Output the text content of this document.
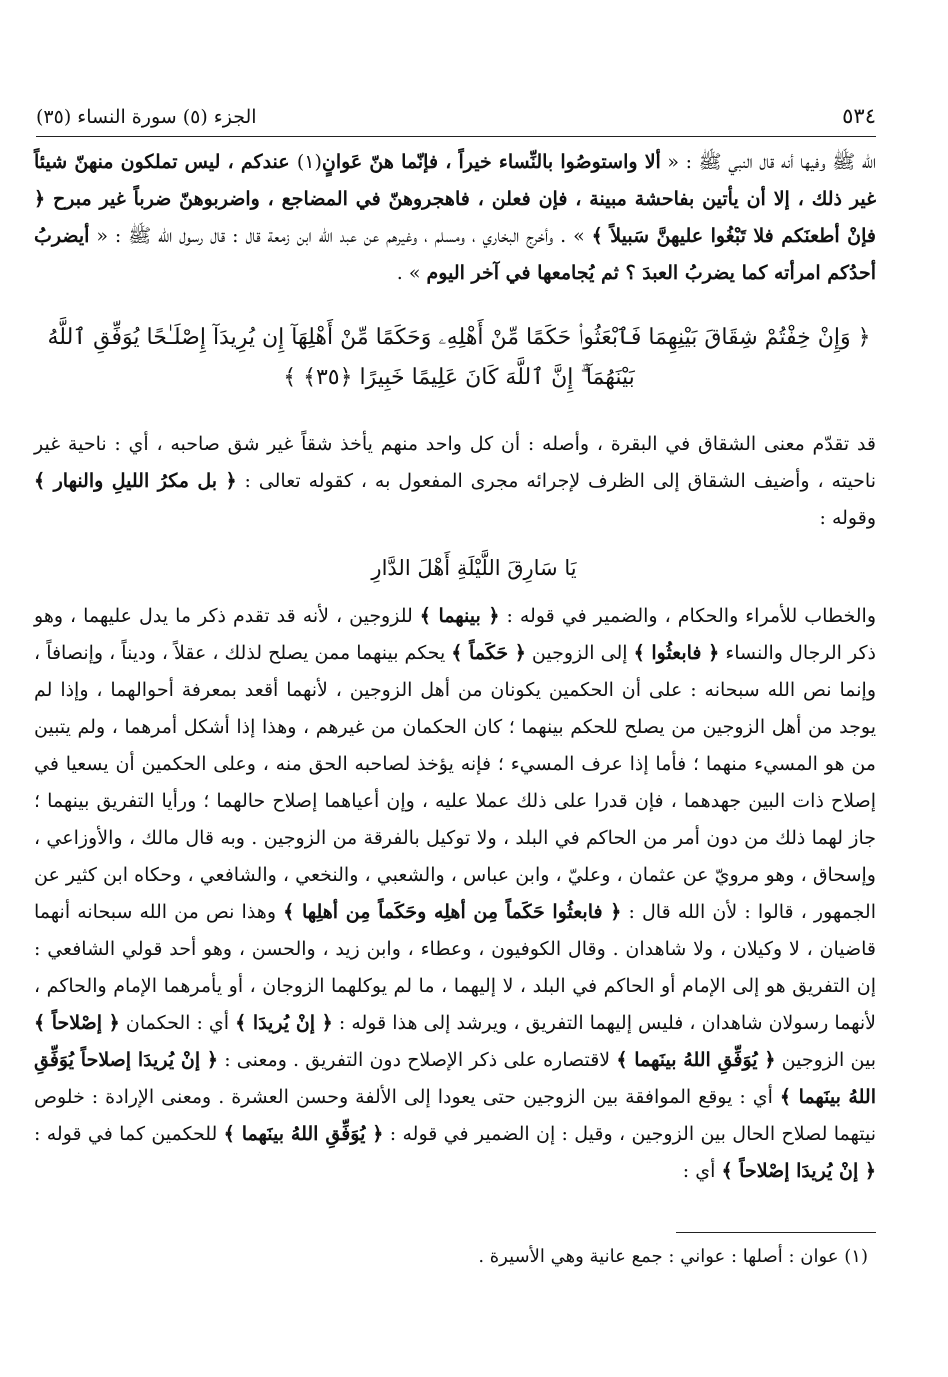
٥٣٤
الجزء (٥) سورة النساء (٣٥)

الله ﷺ وفيها أنه قال النبي ﷺ : « ألا واستوصُوا بالنِّساء خيراً ، فإنّما هنّ عَوانٍ(١) عندكم ، ليس تملكون منهنّ شيئاً غير ذلك ، إلا أن يأتين بفاحشة مبينة ، فإن فعلن ، فاهجروهنّ في المضاجع ، واضربوهنّ ضرباً غير مبرح ﴿ فإنْ أطعنَكم فلا تَبْغُوا عليهنَّ سَبيلاً ﴾ » . وأخرج البخاري ، ومسلم ، وغيرهم عن عبد الله ابن زمعة قال : قال رسول الله ﷺ : « أيضربُ أحدُكم امرأته كما يضربُ العبدَ ؟ ثم يُجامعها في آخر اليوم » .

﴿ وَإِنْ خِفْتُمْ شِقَاقَ بَيْنِهِمَا فَٱبْعَثُوا۟ حَكَمًا مِّنْ أَهْلِهِۦ وَحَكَمًا مِّنْ أَهْلِهَآ إِن يُرِيدَآ إِصْلَـٰحًا يُوَفِّقِ ٱللَّهُ بَيْنَهُمَآ ۗ إِنَّ ٱللَّهَ كَانَ عَلِيمًا خَبِيرًا ﴿٣٥﴾ ﴾

قد تقدّم معنى الشقاق في البقرة ، وأصله : أن كل واحد منهم يأخذ شقاً غير شق صاحبه ، أي : ناحية غير ناحيته ، وأضيف الشقاق إلى الظرف لإجرائه مجرى المفعول به ، كقوله تعالى : ﴿ بل مكرُ الليلِ والنهار ﴾ وقوله :

يَا سَارِقَ اللَّيْلَةِ أَهْلَ الدَّارِ

والخطاب للأمراء والحكام ، والضمير في قوله : ﴿ بينهما ﴾ للزوجين ، لأنه قد تقدم ذكر ما يدل عليهما ، وهو ذكر الرجال والنساء ﴿ فابعثُوا ﴾ إلى الزوجين ﴿ حَكَماً ﴾ يحكم بينهما ممن يصلح لذلك ، عقلاً ، وديناً ، وإنصافاً ، وإنما نص الله سبحانه : على أن الحكمين يكونان من أهل الزوجين ، لأنهما أقعد بمعرفة أحوالهما ، وإذا لم يوجد من أهل الزوجين من يصلح للحكم بينهما ؛ كان الحكمان من غيرهم ، وهذا إذا أشكل أمرهما ، ولم يتبين من هو المسيء منهما ؛ فأما إذا عرف المسيء ؛ فإنه يؤخذ لصاحبه الحق منه ، وعلى الحكمين أن يسعيا في إصلاح ذات البين جهدهما ، فإن قدرا على ذلك عملا عليه ، وإن أعياهما إصلاح حالهما ؛ ورأيا التفريق بينهما ؛ جاز لهما ذلك من دون أمر من الحاكم في البلد ، ولا توكيل بالفرقة من الزوجين . وبه قال مالك ، والأوزاعي ، وإسحاق ، وهو مرويّ عن عثمان ، وعليّ ، وابن عباس ، والشعبي ، والنخعي ، والشافعي ، وحكاه ابن كثير عن الجمهور ، قالوا : لأن الله قال : ﴿ فابعثُوا حَكَماً مِن أهلِه وحَكَماً مِن أهلِها ﴾ وهذا نص من الله سبحانه أنهما قاضيان ، لا وكيلان ، ولا شاهدان . وقال الكوفيون ، وعطاء ، وابن زيد ، والحسن ، وهو أحد قولي الشافعي : إن التفريق هو إلى الإمام أو الحاكم في البلد ، لا إليهما ، ما لم يوكلهما الزوجان ، أو يأمرهما الإمام والحاكم ، لأنهما رسولان شاهدان ، فليس إليهما التفريق ، ويرشد إلى هذا قوله : ﴿ إنْ يُريدَا ﴾ أي : الحكمان ﴿ إصْلاحاً ﴾ بين الزوجين ﴿ يُوَفِّقِ اللهُ بينَهما ﴾ لاقتصاره على ذكر الإصلاح دون التفريق . ومعنى : ﴿ إنْ يُريدَا إصلاحاً يُوَفِّقِ اللهُ بينَهما ﴾ أي : يوقع الموافقة بين الزوجين حتى يعودا إلى الألفة وحسن العشرة . ومعنى الإرادة : خلوص نيتهما لصلاح الحال بين الزوجين ، وقيل : إن الضمير في قوله : ﴿ يُوَفِّقِ اللهُ بينَهما ﴾ للحكمين كما في قوله : ﴿ إنْ يُريدَا إصْلاحاً ﴾ أي :

(١) عوان : أصلها : عواني : جمع عانية وهي الأسيرة .
